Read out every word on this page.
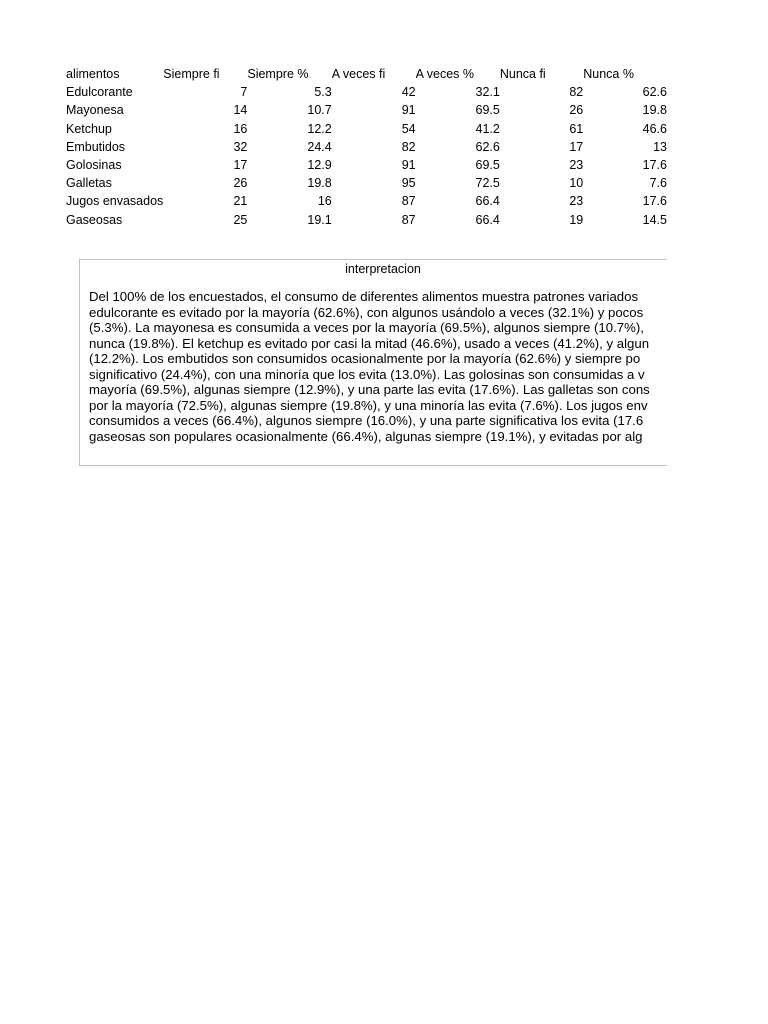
alimentos	Siempre fi	Siempre %	A veces fi	A veces %	Nunca fi	Nunca %
Edulcorante	7	5.3	42	32.1	82	62.6
Mayonesa	14	10.7	91	69.5	26	19.8
Ketchup	16	12.2	54	41.2	61	46.6
Embutidos	32	24.4	82	62.6	17	13
Golosinas	17	12.9	91	69.5	23	17.6
Galletas	26	19.8	95	72.5	10	7.6
Jugos envasados	21	16	87	66.4	23	17.6
Gaseosas	25	19.1	87	66.4	19	14.5
interpretacion
Del 100% de los encuestados, el consumo de diferentes alimentos muestra patrones variados
edulcorante es evitado por la mayoría (62.6%), con algunos usándolo a veces (32.1%) y pocos
(5.3%). La mayonesa es consumida a veces por la mayoría (69.5%), algunos siempre (10.7%),
nunca (19.8%). El ketchup es evitado por casi la mitad (46.6%), usado a veces (41.2%), y algun
(12.2%). Los embutidos son consumidos ocasionalmente por la mayoría (62.6%) y siempre po
significativo (24.4%), con una minoría que los evita (13.0%). Las golosinas son consumidas a v
mayoría (69.5%), algunas siempre (12.9%), y una parte las evita (17.6%). Las galletas son cons
por la mayoría (72.5%), algunas siempre (19.8%), y una minoría las evita (7.6%). Los jugos env
consumidos a veces (66.4%), algunos siempre (16.0%), y una parte significativa los evita (17.6
gaseosas son populares ocasionalmente (66.4%), algunas siempre (19.1%), y evitadas por alg
